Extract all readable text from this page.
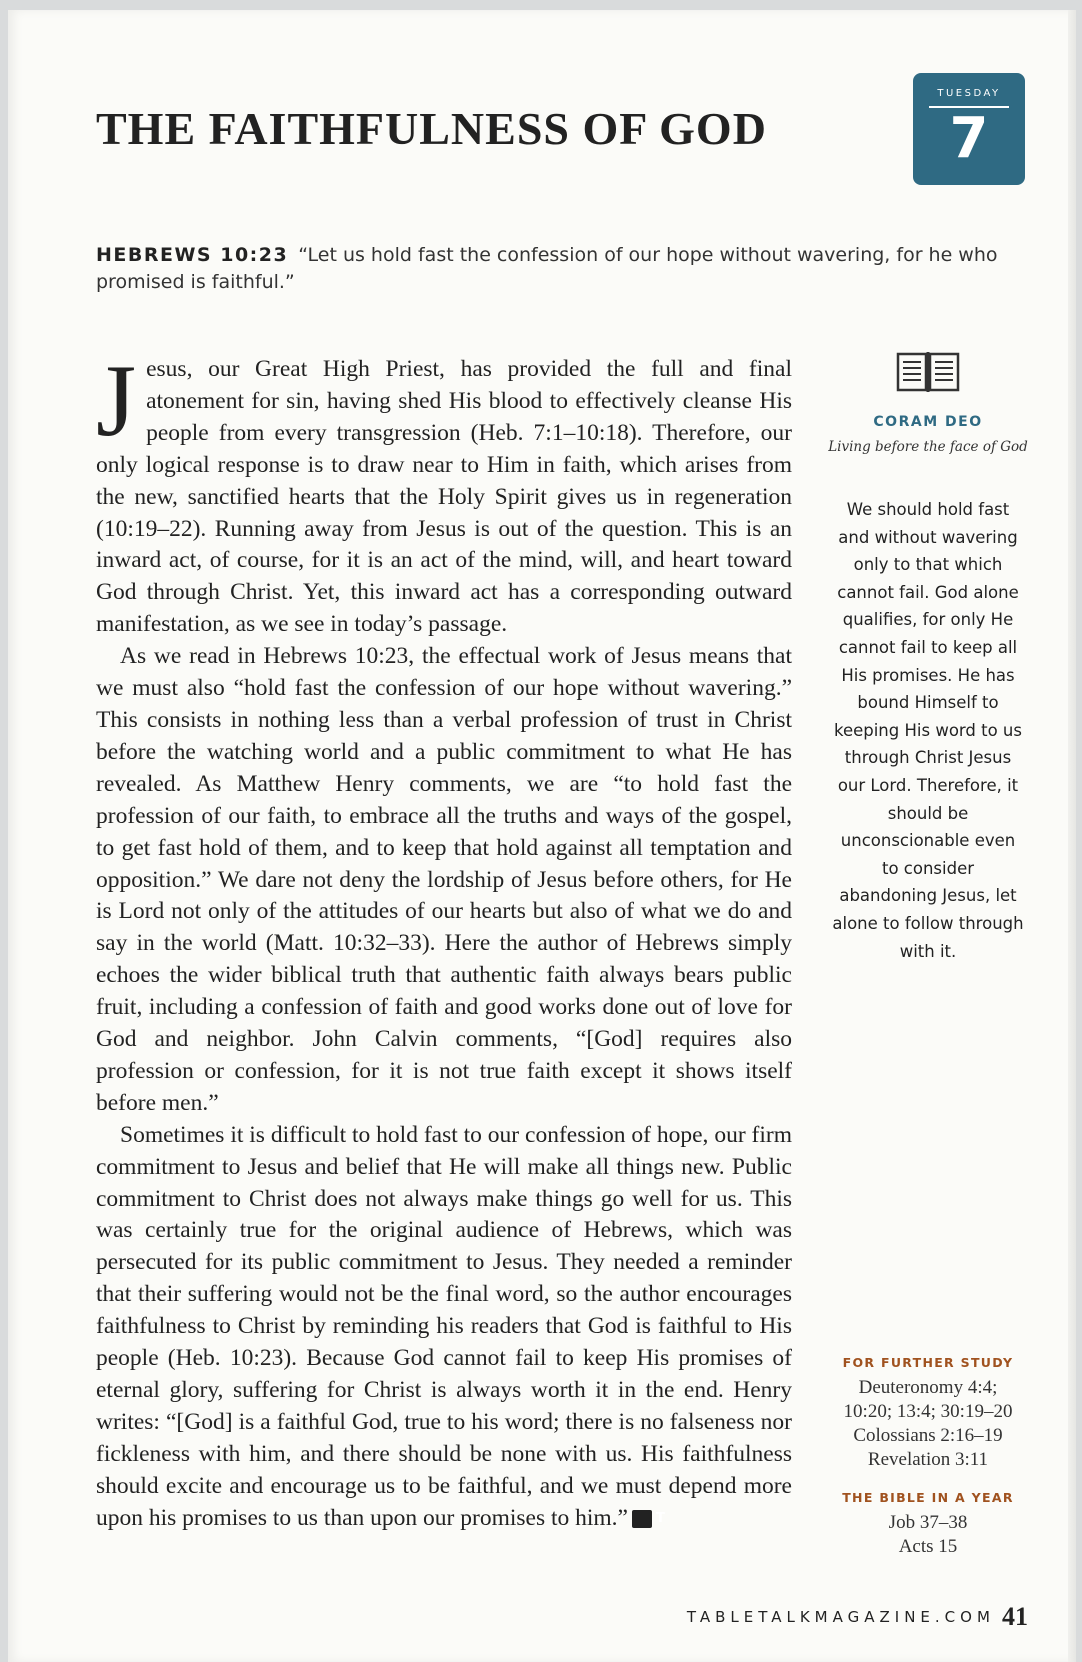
THE FAITHFULNESS OF GOD
TUESDAY
7
HEBREWS 10:23 “Let us hold fast the confession of our hope without wavering, for he who promised is faithful.”

Jesus, our Great High Priest, has provided the full and final atonement for sin, having shed His blood to effectively cleanse His people from every transgression (Heb. 7:1–10:18). Therefore, our only logical response is to draw near to Him in faith, which arises from the new, sanctified hearts that the Holy Spirit gives us in regeneration (10:19–22). Running away from Jesus is out of the question. This is an inward act, of course, for it is an act of the mind, will, and heart toward God through Christ. Yet, this inward act has a corresponding outward manifestation, as we see in today’s passage.

As we read in Hebrews 10:23, the effectual work of Jesus means that we must also “hold fast the confession of our hope without wavering.” This consists in nothing less than a verbal profession of trust in Christ before the watching world and a public commitment to what He has revealed. As Matthew Henry comments, we are “to hold fast the profession of our faith, to embrace all the truths and ways of the gospel, to get fast hold of them, and to keep that hold against all temptation and opposition.” We dare not deny the lordship of Jesus before others, for He is Lord not only of the attitudes of our hearts but also of what we do and say in the world (Matt. 10:32–33). Here the author of Hebrews simply echoes the wider biblical truth that authentic faith always bears public fruit, including a confession of faith and good works done out of love for God and neighbor. John Calvin comments, “[God] requires also profession or confession, for it is not true faith except it shows itself before men.”

Sometimes it is difficult to hold fast to our confession of hope, our firm commitment to Jesus and belief that He will make all things new. Public commitment to Christ does not always make things go well for us. This was certainly true for the original audience of Hebrews, which was persecuted for its public commitment to Jesus. They needed a reminder that their suffering would not be the final word, so the author encourages faithfulness to Christ by reminding his readers that God is faithful to His people (Heb. 10:23). Because God cannot fail to keep His promises of eternal glory, suffering for Christ is always worth it in the end. Henry writes: “[God] is a faithful God, true to his word; there is no falseness nor fickleness with him, and there should be none with us. His faithfulness should excite and encourage us to be faithful, and we must depend more upon his promises to us than upon our promises to him.” T

CORAM DEO
Living before the face of God
We should hold fast and without wavering only to that which cannot fail. God alone qualifies, for only He cannot fail to keep all His promises. He has bound Himself to keeping His word to us through Christ Jesus our Lord. Therefore, it should be unconscionable even to consider abandoning Jesus, let alone to follow through with it.
FOR FURTHER STUDY
Deuteronomy 4:4;
10:20; 13:4; 30:19–20
Colossians 2:16–19
Revelation 3:11
THE BIBLE IN A YEAR
Job 37–38
Acts 15
TABLETALKMAGAZINE.COM 41
